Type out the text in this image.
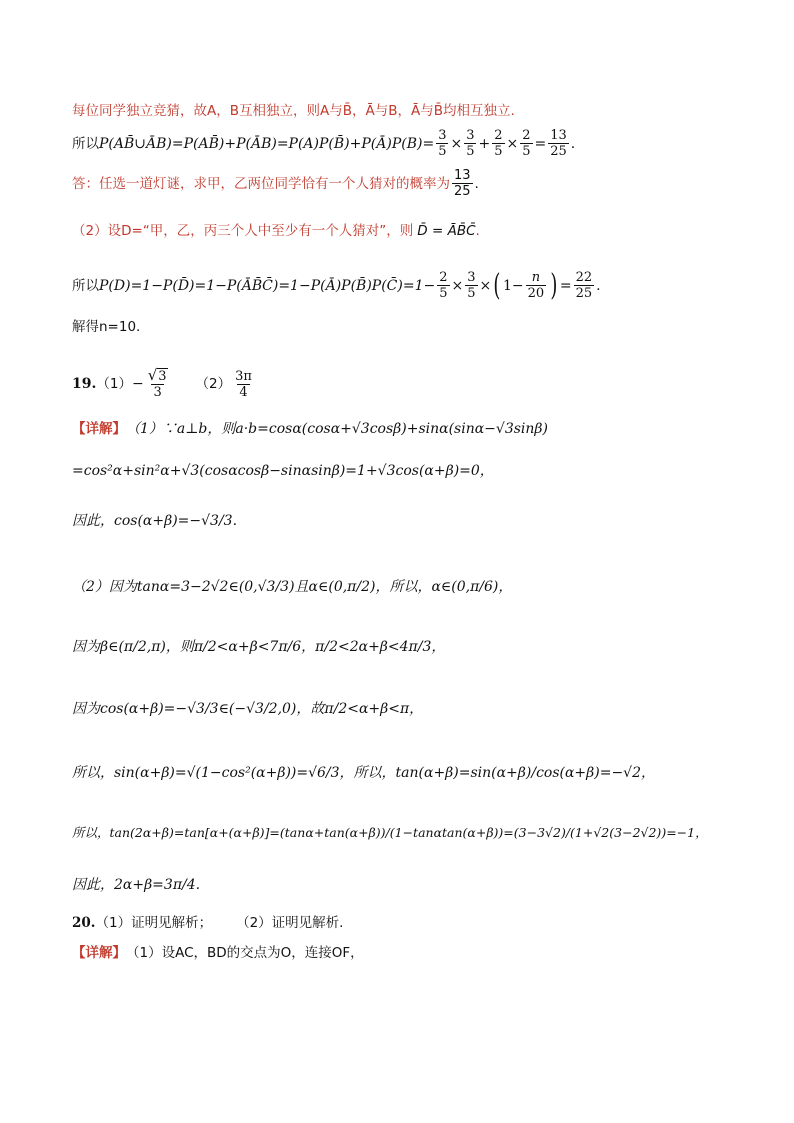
每位同学独立竞猜，故A，B互相独立，则A与B̄，Ā与B，Ā与B̄均相互独立.
所以 P(AB̄∪ĀB)=P(AB̄)+P(ĀB)=P(A)P(B̄)+P(Ā)P(B)= $\frac{3}{5} \times \frac{3}{5} + \frac{2}{5} \times \frac{2}{5} = \frac{13}{25}$ .
答：任选一道灯谜，求甲，乙两位同学恰有一个人猜对的概率为 $\frac{13}{25}$ .
（2）设D=“甲，乙，丙三个人中至少有一个人猜对”，则 D̄ = ĀB̄C̄ .
所以 P(D)=1−P(D̄)=1−P(ĀB̄C̄)=1−P(Ā)P(B̄)P(C̄)=1− $\frac{2}{5} \times \frac{3}{5}$ × ( $1- \frac{n}{20}$ ) = $\frac{22}{25}$ .
解得n=10.
19. $(1) - \frac{√ 3}{3} (2) \frac{3\pi}{4}$
【详解】 （1）∵a⊥b，则a·b=cosα(cosα+√3cosβ)+sinα(sinα−√3sinβ)
=cos²α+sin²α+√3(cosαcosβ−sinαsinβ)=1+√3cos(α+β)=0，
因此，cos(α+β)=−√3/3.
（2）因为tanα=3−2√2∈(0,√3/3)且α∈(0,π/2)，所以，α∈(0,π/6)，
因为β∈(π/2,π)，则π/2<α+β<7π/6，π/2<2α+β<4π/3，
因为cos(α+β)=−√3/3∈(−√3/2,0)，故π/2<α+β<π，
所以，sin(α+β)=√(1−cos²(α+β))=√6/3，所以，tan(α+β)=sin(α+β)/cos(α+β)=−√2，
所以，tan(2α+β)=tan[α+(α+β)]=(tanα+tan(α+β))/(1−tanαtan(α+β))=(3−3√2)/(1+√2(3−2√2))=−1，
因此，2α+β=3π/4.
20. （1）证明见解析； （2）证明见解析.
【详解】 （1）设AC，BD的交点为O，连接OF，
